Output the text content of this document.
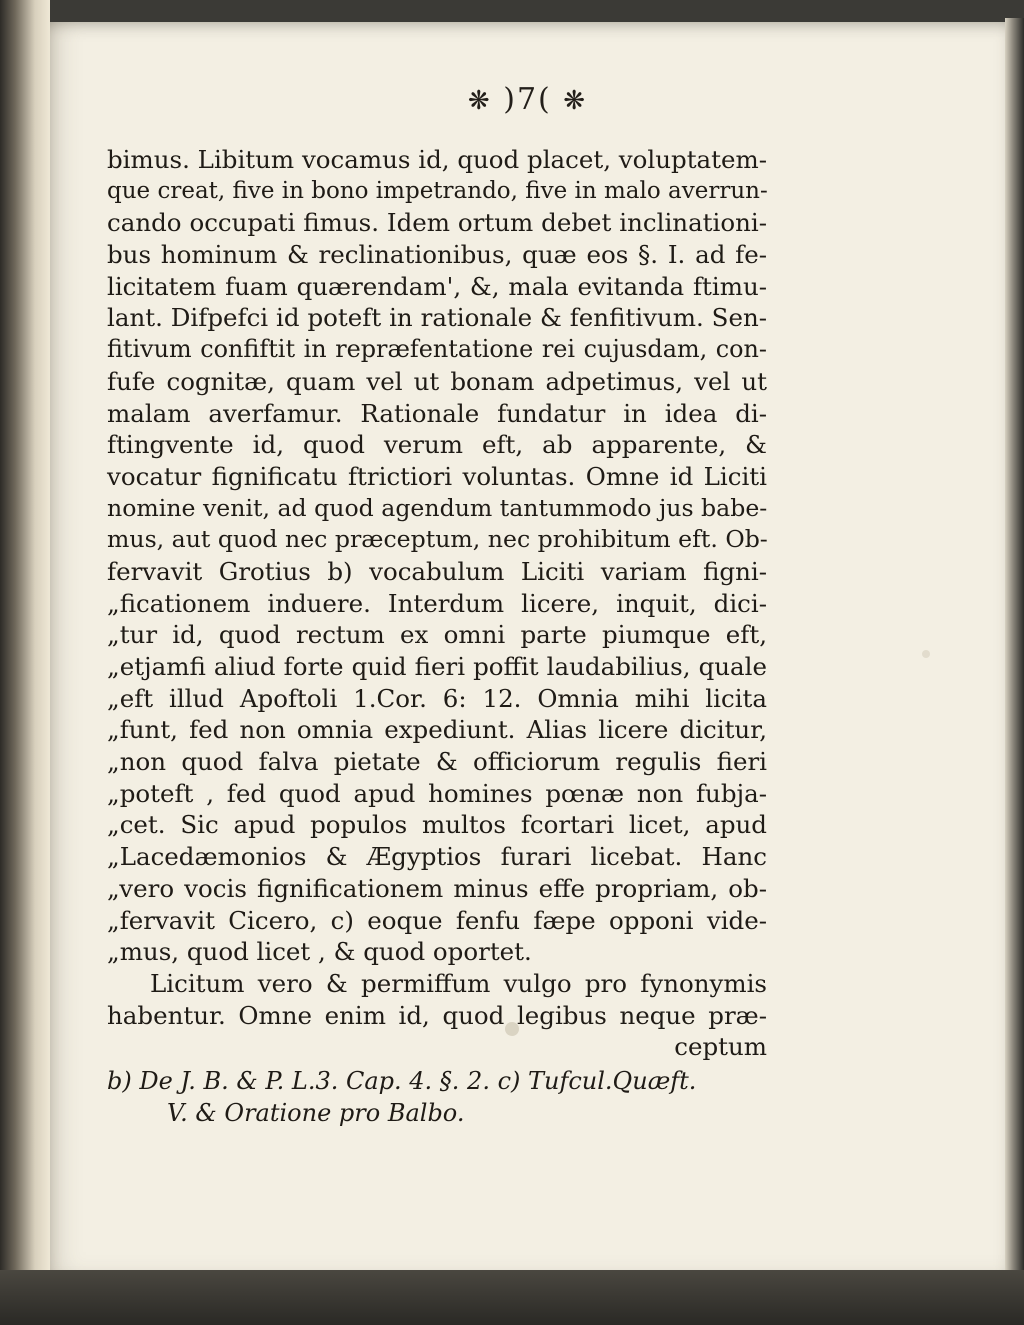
❋ )7( ❋
bimus. Libitum vocamus id, quod placet, voluptatem-
que creat, five in bono impetrando, five in malo averrun-
cando occupati fimus. Idem ortum debet inclinationi-
bus hominum & reclinationibus, quæ eos §. I. ad fe-
licitatem fuam quærendam', &, mala evitanda ftimu-
lant. Difpefci id poteft in rationale & fenfitivum. Sen-
fitivum confiftit in repræfentatione rei cujusdam, con-
fufe cognitæ, quam vel ut bonam adpetimus, vel ut
malam averfamur. Rationale fundatur in idea di-
ftingvente id, quod verum eft, ab apparente, &
vocatur fignificatu ftrictiori voluntas. Omne id Liciti
nomine venit, ad quod agendum tantummodo jus babe-
mus, aut quod nec præceptum, nec prohibitum eft. Ob-
fervavit Grotius b) vocabulum Liciti variam figni-
„ficationem induere. Interdum licere, inquit, dici-
„tur id, quod rectum ex omni parte piumque eft,
„etjamfi aliud forte quid fieri poffit laudabilius, quale
„eft illud Apoftoli 1.Cor. 6: 12. Omnia mihi licita
„funt, fed non omnia expediunt. Alias licere dicitur,
„non quod falva pietate & officiorum regulis fieri
„poteft , fed quod apud homines pœnæ non fubja-
„cet. Sic apud populos multos fcortari licet, apud
„Lacedæmonios & Ægyptios furari licebat. Hanc
„vero vocis fignificationem minus effe propriam, ob-
„fervavit Cicero, c) eoque fenfu fæpe opponi vide-
„mus, quod licet , & quod oportet.
Licitum vero & permiffum vulgo pro fynonymis
habentur. Omne enim id, quod legibus neque præ-
ceptum
b) De J. B. & P. L.3. Cap. 4. §. 2. c) Tufcul.Quæft.
V. & Oratione pro Balbo.
